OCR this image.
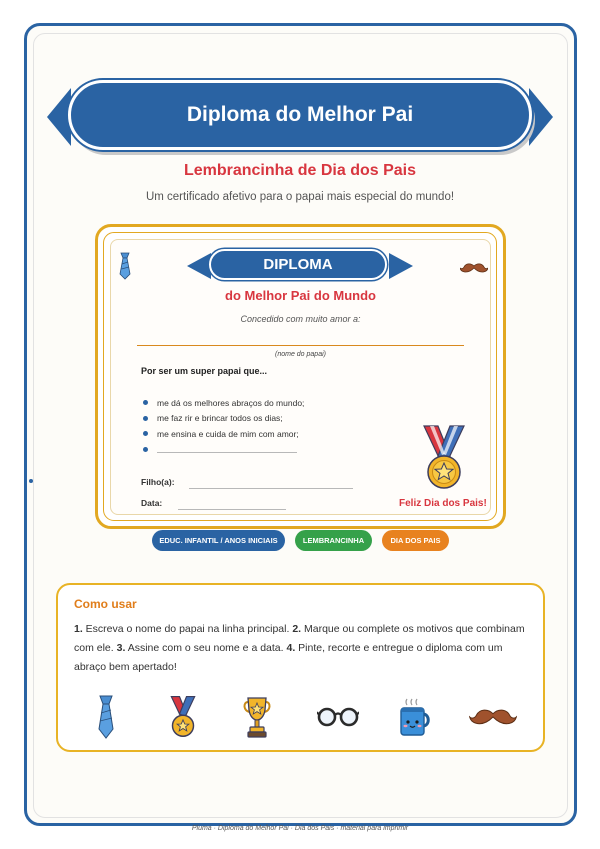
Diploma do Melhor Pai
Lembrancinha de Dia dos Pais
Um certificado afetivo para o papai mais especial do mundo!
DIPLOMA
do Melhor Pai do Mundo
Concedido com muito amor a:
(nome do papai)
Por ser um super papai que...
me dá os melhores abraços do mundo;
me faz rir e brincar todos os dias;
me ensina e cuida de mim com amor;
Filho(a):
Data:	Feliz Dia dos Pais!
EDUC. INFANTIL / ANOS INICIAIS	LEMBRANCINHA	DIA DOS PAIS
Como usar
1. Escreva o nome do papai na linha principal. 2. Marque ou complete os motivos que combinam com ele. 3. Assine com o seu nome e a data. 4. Pinte, recorte e entregue o diploma com um abraço bem apertado!
Pluma · Diploma do Melhor Pai · Dia dos Pais · material para imprimir
